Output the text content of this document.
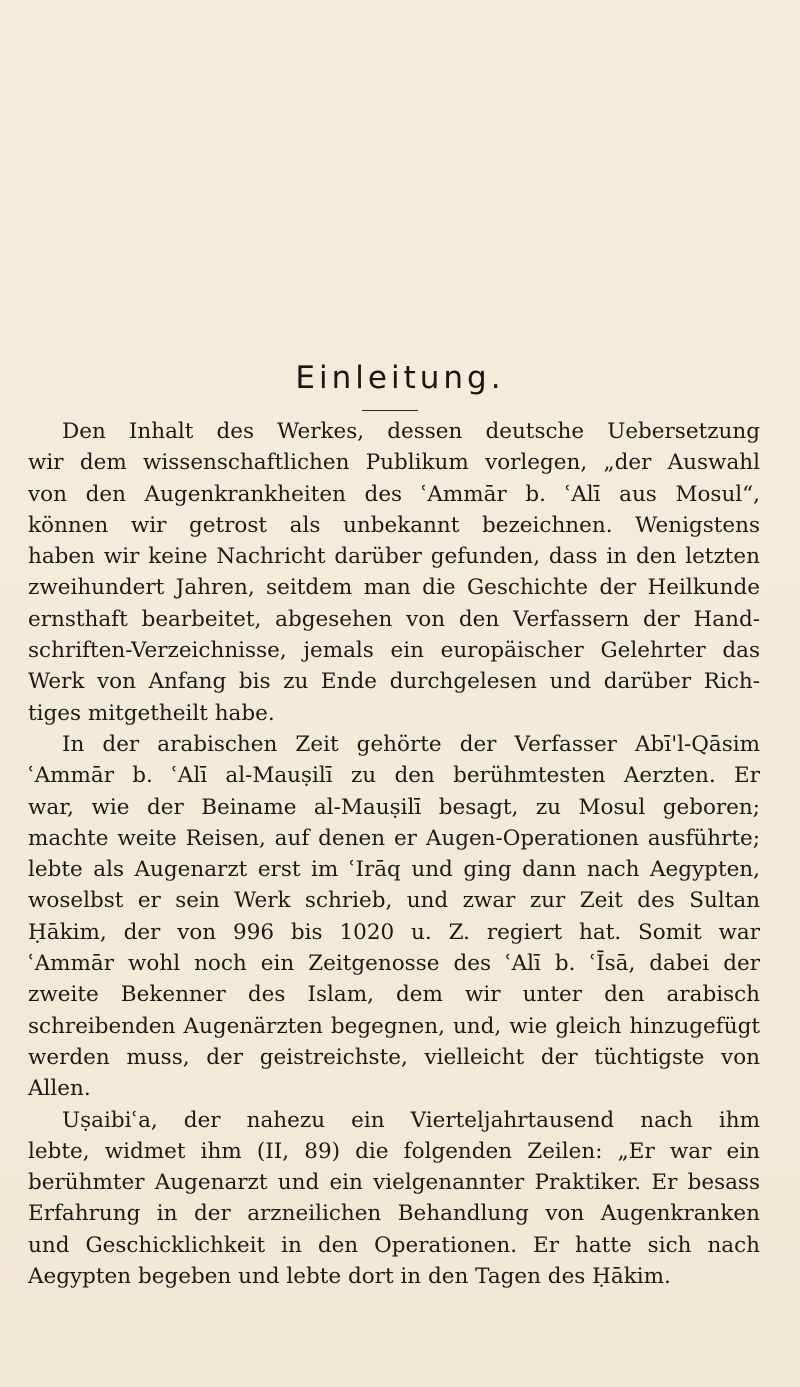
Einleitung.
Den Inhalt des Werkes, dessen deutsche Uebersetzung
wir dem wissenschaftlichen Publikum vorlegen, „der Auswahl
von den Augenkrankheiten des ʿAmmār b. ʿAlī aus Mosul“,
können wir getrost als unbekannt bezeichnen. Wenigstens
haben wir keine Nachricht darüber gefunden, dass in den letzten
zweihundert Jahren, seitdem man die Geschichte der Heilkunde
ernsthaft bearbeitet, abgesehen von den Verfassern der Hand-
schriften-Verzeichnisse, jemals ein europäischer Gelehrter das
Werk von Anfang bis zu Ende durchgelesen und darüber Rich-
tiges mitgetheilt habe.
In der arabischen Zeit gehörte der Verfasser Abī'l-Qāsim
ʿAmmār b. ʿAlī al-Mauṣilī zu den berühmtesten Aerzten. Er
war, wie der Beiname al-Mauṣilī besagt, zu Mosul geboren;
machte weite Reisen, auf denen er Augen-Operationen ausführte;
lebte als Augenarzt erst im ʿIrāq und ging dann nach Aegypten,
woselbst er sein Werk schrieb, und zwar zur Zeit des Sultan
Ḥākim, der von 996 bis 1020 u. Z. regiert hat. Somit war
ʿAmmār wohl noch ein Zeitgenosse des ʿAlī b. ʿĪsā, dabei der
zweite Bekenner des Islam, dem wir unter den arabisch
schreibenden Augenärzten begegnen, und, wie gleich hinzugefügt
werden muss, der geistreichste, vielleicht der tüchtigste von
Allen.
Uṣaibiʿa, der nahezu ein Vierteljahrtausend nach ihm
lebte, widmet ihm (II, 89) die folgenden Zeilen: „Er war ein
berühmter Augenarzt und ein vielgenannter Praktiker. Er besass
Erfahrung in der arzneilichen Behandlung von Augenkranken
und Geschicklichkeit in den Operationen. Er hatte sich nach
Aegypten begeben und lebte dort in den Tagen des Ḥākim.
